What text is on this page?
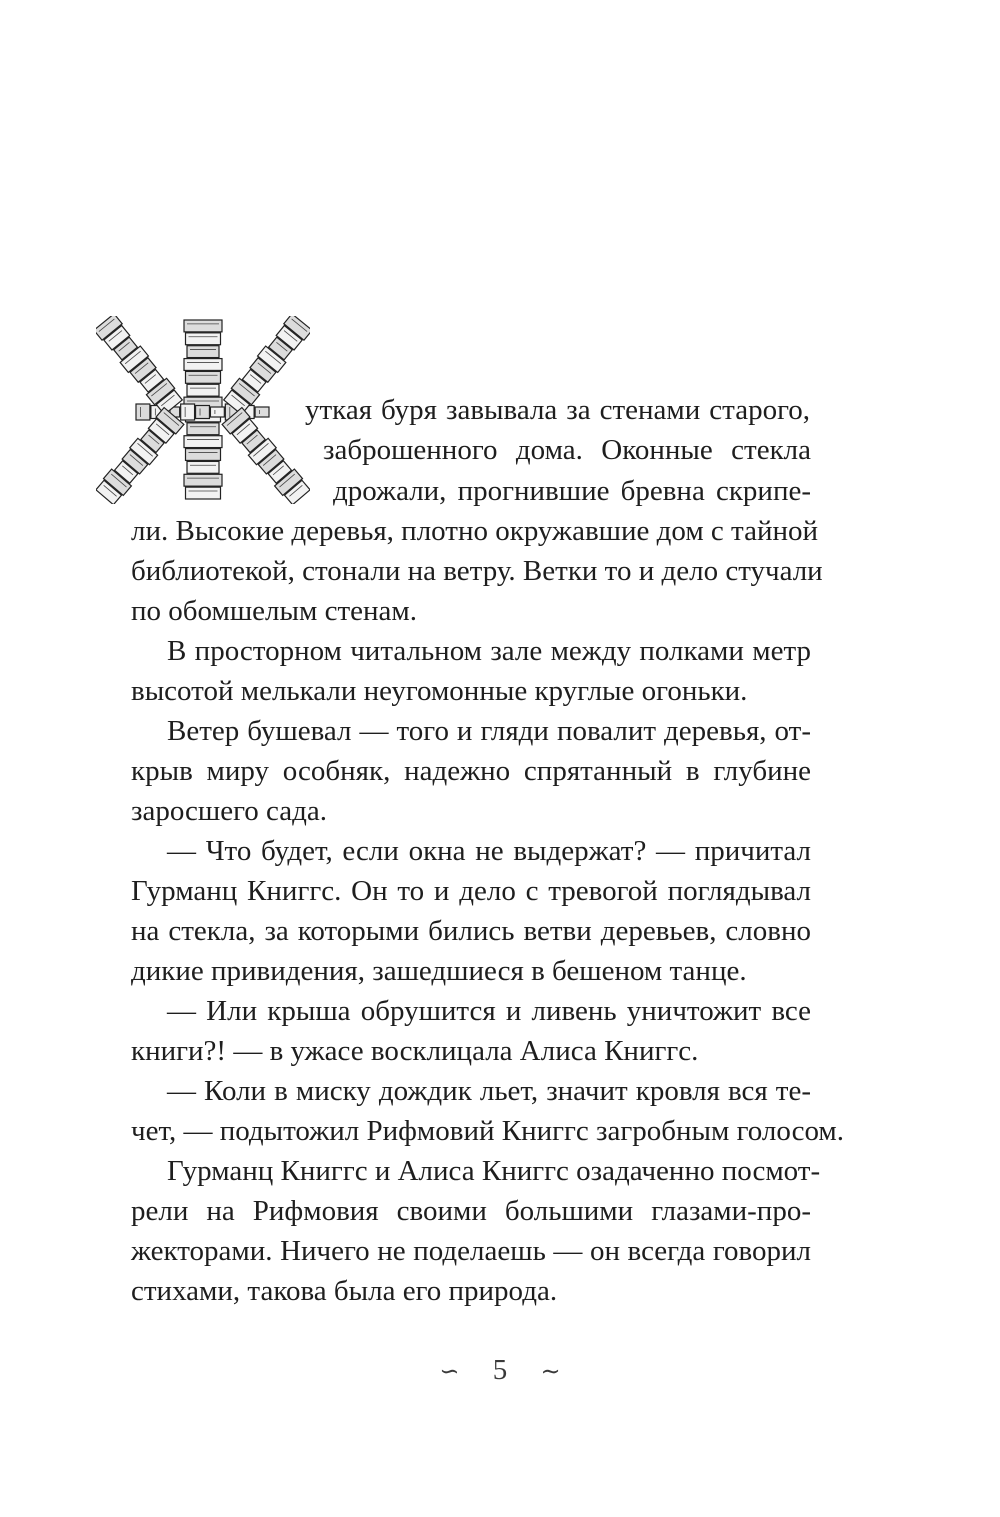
уткая буря завывала за стенами старого,
заброшенного дома. Оконные стекла
дрожали, прогнившие бревна скрипе-
ли. Высокие деревья, плотно окружавшие дом с тайной
библиотекой, стонали на ветру. Ветки то и дело стучали
по обомшелым стенам.
В просторном читальном зале между полками метр
высотой мелькали неугомонные круглые огоньки.
Ветер бушевал — того и гляди повалит деревья, от-
крыв миру особняк, надежно спрятанный в глубине
заросшего сада.
— Что будет, если окна не выдержат? — причитал
Гурманц Книггс. Он то и дело с тревогой поглядывал
на стекла, за которыми бились ветви деревьев, словно
дикие привидения, зашедшиеся в бешеном танце.
— Или крыша обрушится и ливень уничтожит все
книги?! — в ужасе восклицала Алиса Книггс.
— Коли в миску дождик льет, значит кровля вся те-
чет, — подытожил Рифмовий Книггс загробным голосом.
Гурманц Книггс и Алиса Книггс озадаченно посмот-
рели на Рифмовия своими большими глазами-про-
жекторами. Ничего не поделаешь — он всегда говорил
стихами, такова была его природа.
∽ 5 ∼
